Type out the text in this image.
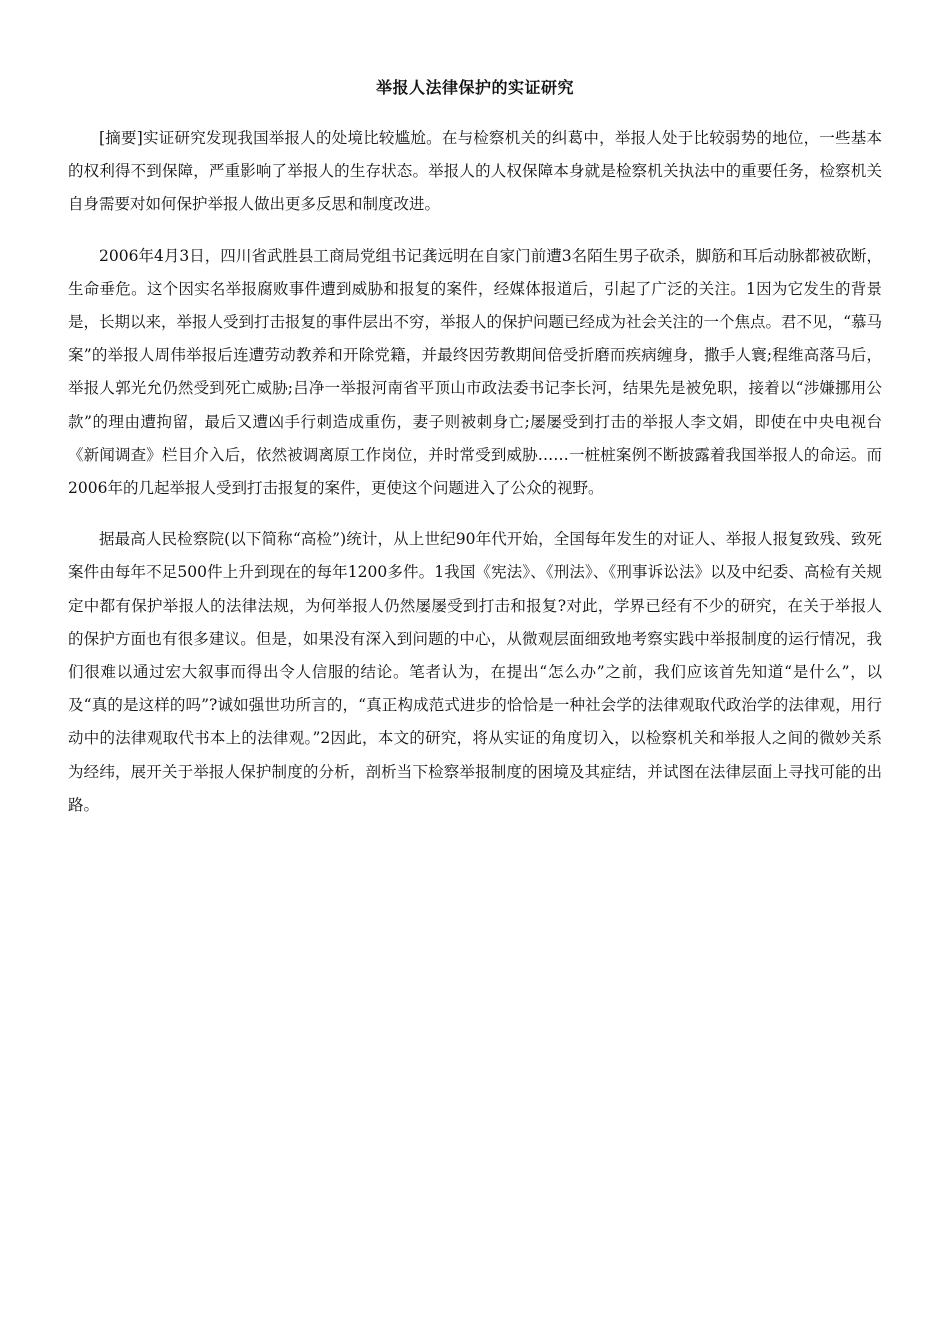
举报人法律保护的实证研究

[摘要]实证研究发现我国举报人的处境比较尴尬。在与检察机关的纠葛中，举报人处于比较弱势的地位，一些基本的权利得不到保障，严重影响了举报人的生存状态。举报人的人权保障本身就是检察机关执法中的重要任务，检察机关自身需要对如何保护举报人做出更多反思和制度改进。

2006年4月3日，四川省武胜县工商局党组书记龚远明在自家门前遭3名陌生男子砍杀，脚筋和耳后动脉都被砍断，生命垂危。这个因实名举报腐败事件遭到威胁和报复的案件，经媒体报道后，引起了广泛的关注。1因为它发生的背景是，长期以来，举报人受到打击报复的事件层出不穷，举报人的保护问题已经成为社会关注的一个焦点。君不见，“慕马案”的举报人周伟举报后连遭劳动教养和开除党籍，并最终因劳教期间倍受折磨而疾病缠身，撒手人寰;程维高落马后，举报人郭光允仍然受到死亡威胁;吕净一举报河南省平顶山市政法委书记李长河，结果先是被免职，接着以“涉嫌挪用公款”的理由遭拘留，最后又遭凶手行刺造成重伤，妻子则被刺身亡;屡屡受到打击的举报人李文娟，即使在中央电视台《新闻调查》栏目介入后，依然被调离原工作岗位，并时常受到威胁……一桩桩案例不断披露着我国举报人的命运。而2006年的几起举报人受到打击报复的案件，更使这个问题进入了公众的视野。

据最高人民检察院(以下简称“高检”)统计，从上世纪90年代开始，全国每年发生的对证人、举报人报复致残、致死案件由每年不足500件上升到现在的每年1200多件。1我国《宪法》、《刑法》、《刑事诉讼法》以及中纪委、高检有关规定中都有保护举报人的法律法规，为何举报人仍然屡屡受到打击和报复?对此，学界已经有不少的研究，在关于举报人的保护方面也有很多建议。但是，如果没有深入到问题的中心，从微观层面细致地考察实践中举报制度的运行情况，我们很难以通过宏大叙事而得出令人信服的结论。笔者认为，在提出“怎么办”之前，我们应该首先知道“是什么”，以及“真的是这样的吗”?诚如强世功所言的，“真正构成范式进步的恰恰是一种社会学的法律观取代政治学的法律观，用行动中的法律观取代书本上的法律观。”2因此，本文的研究，将从实证的角度切入，以检察机关和举报人之间的微妙关系为经纬，展开关于举报人保护制度的分析，剖析当下检察举报制度的困境及其症结，并试图在法律层面上寻找可能的出路。
